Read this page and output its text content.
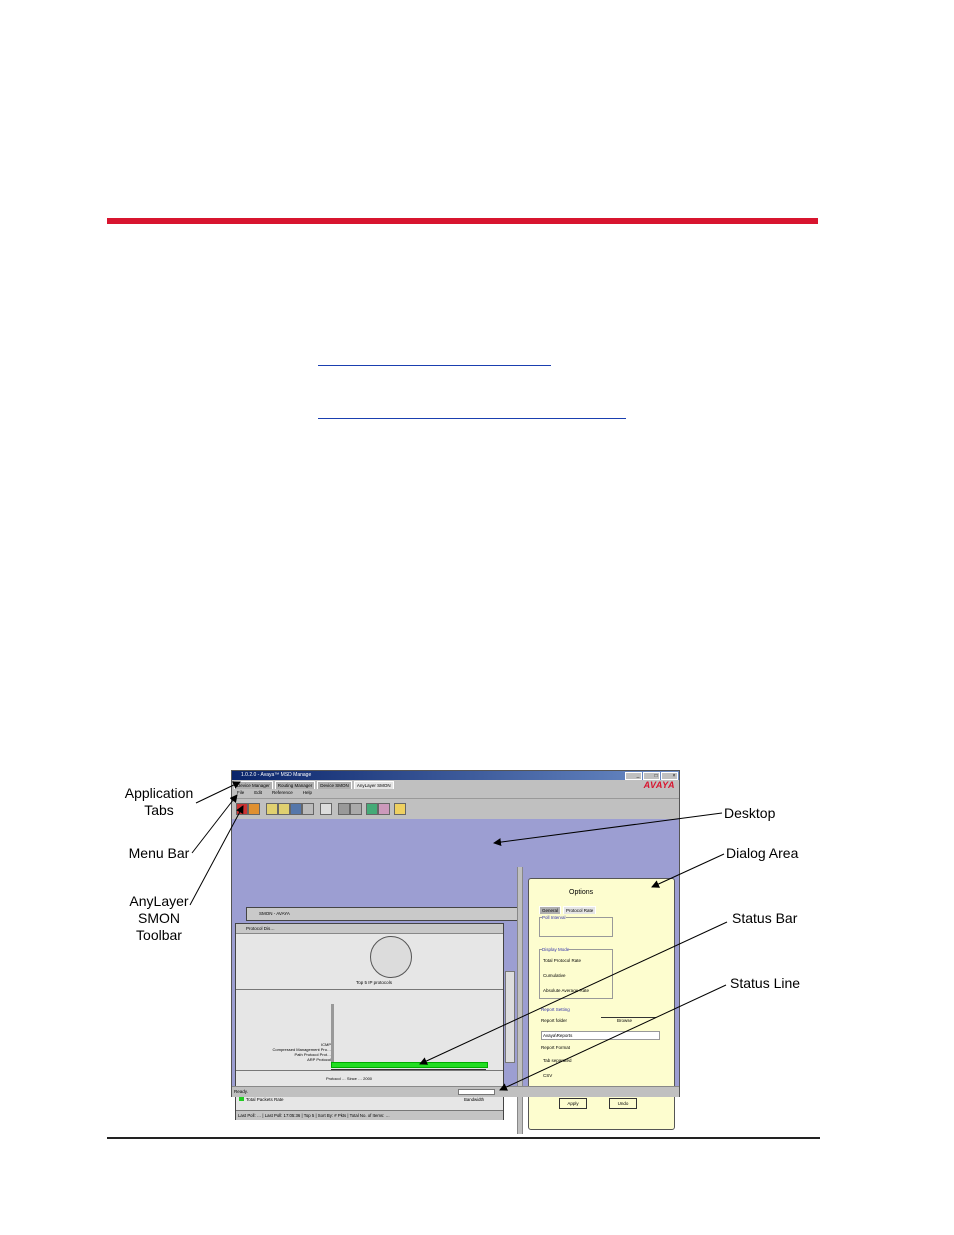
1.0.2.0 - Avaya™ MSD Manage	_	□	×
Device Manager Routing Manager Device SMON AnyLayer SMON	AVAYA
File Edit Reference Help
SMON - AVAYA
Protocol Dis…
Top 5 IP protocols
ICMP
Compressed Management Pro…
Path Protocol Prot…
ARP Protocol
Protocol … Since … 2000
Total Packets Rate	Bandwidth
Last Poll: … | Last Poll: 17:05:36 | Top 5 | Sort By: # Pkts | Total No. of Items: …
Options
General Protocol Rate
Poll Interval
Display Mode
Total Protocol Rate
Cumulative
Absolute Average Rate
Report Setting
Report folder	Browse
Avaya\Reports
Report Format
Tab separated
CSV
Apply	Undo
Ready.
Application Tabs
Menu Bar
AnyLayer SMON Toolbar
Desktop
Dialog Area
Status Bar
Status Line
